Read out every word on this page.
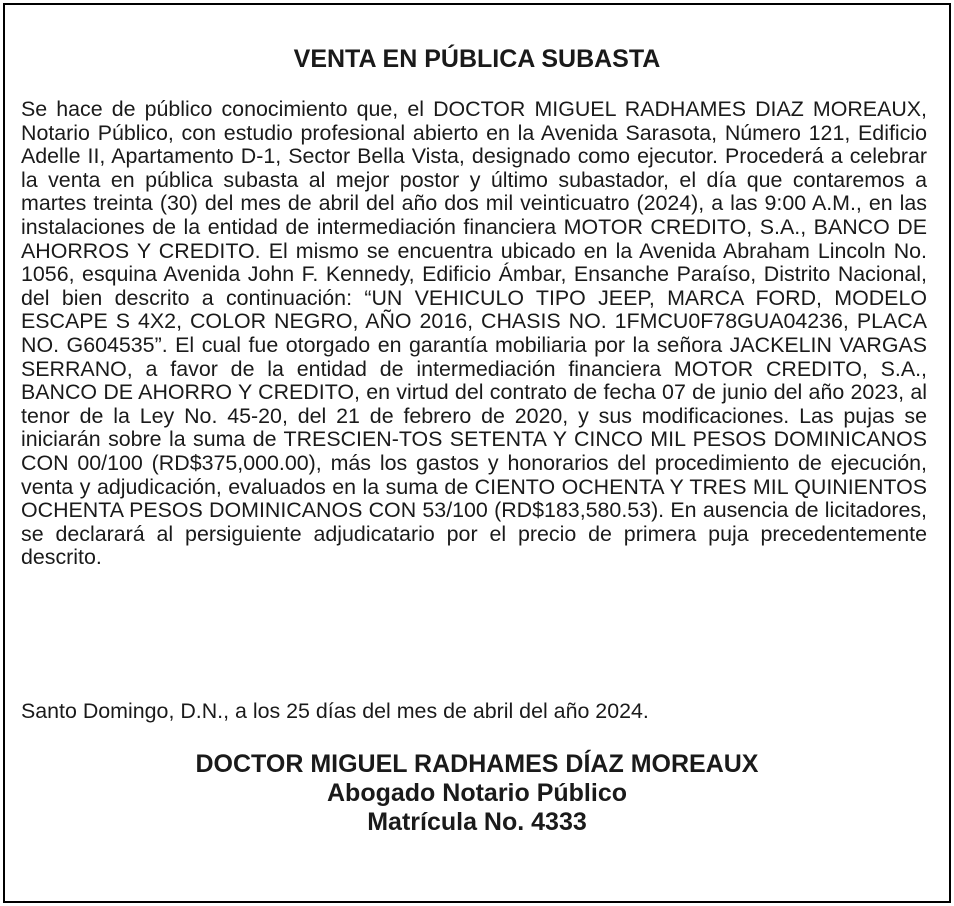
VENTA EN PÚBLICA SUBASTA

Se hace de público conocimiento que, el DOCTOR MIGUEL RADHAMES DIAZ MOREAUX, Notario Público, con estudio profesional abierto en la Avenida Sarasota, Número 121, Edificio Adelle II, Apartamento D-1, Sector Bella Vista, designado como ejecutor. Procederá a celebrar la venta en pública subasta al mejor postor y último subastador, el día que contaremos a martes treinta (30) del mes de abril del año dos mil veinticuatro (2024), a las 9:00 A.M., en las instalaciones de la entidad de intermediación financiera MOTOR CREDITO, S.A., BANCO DE AHORROS Y CREDITO. El mismo se encuentra ubicado en la Avenida Abraham Lincoln No. 1056, esquina Avenida John F. Kennedy, Edificio Ámbar, Ensanche Paraíso, Distrito Nacional, del bien descrito a continuación: “UN VEHICULO TIPO JEEP, MARCA FORD, MODELO ESCAPE S 4X2, COLOR NEGRO, AÑO 2016, CHASIS NO. 1FMCU0F78GUA04236, PLACA NO. G604535”. El cual fue otorgado en garantía mobiliaria por la señora JACKELIN VARGAS SERRANO, a favor de la entidad de intermediación financiera MOTOR CREDITO, S.A., BANCO DE AHORRO Y CREDITO, en virtud del contrato de fecha 07 de junio del año 2023, al tenor de la Ley No. 45-20, del 21 de febrero de 2020, y sus modificaciones. Las pujas se iniciarán sobre la suma de TRESCIEN-TOS SETENTA Y CINCO MIL PESOS DOMINICANOS CON 00/100 (RD$375,000.00), más los gastos y honorarios del procedimiento de ejecución, venta y adjudicación, evaluados en la suma de CIENTO OCHENTA Y TRES MIL QUINIENTOS OCHENTA PESOS DOMINICANOS CON 53/100 (RD$183,580.53). En ausencia de licitadores, se declarará al persiguiente adjudicatario por el precio de primera puja precedentemente descrito.

Santo Domingo, D.N., a los 25 días del mes de abril del año 2024.

DOCTOR MIGUEL RADHAMES DÍAZ MOREAUX
Abogado Notario Público
Matrícula No. 4333
